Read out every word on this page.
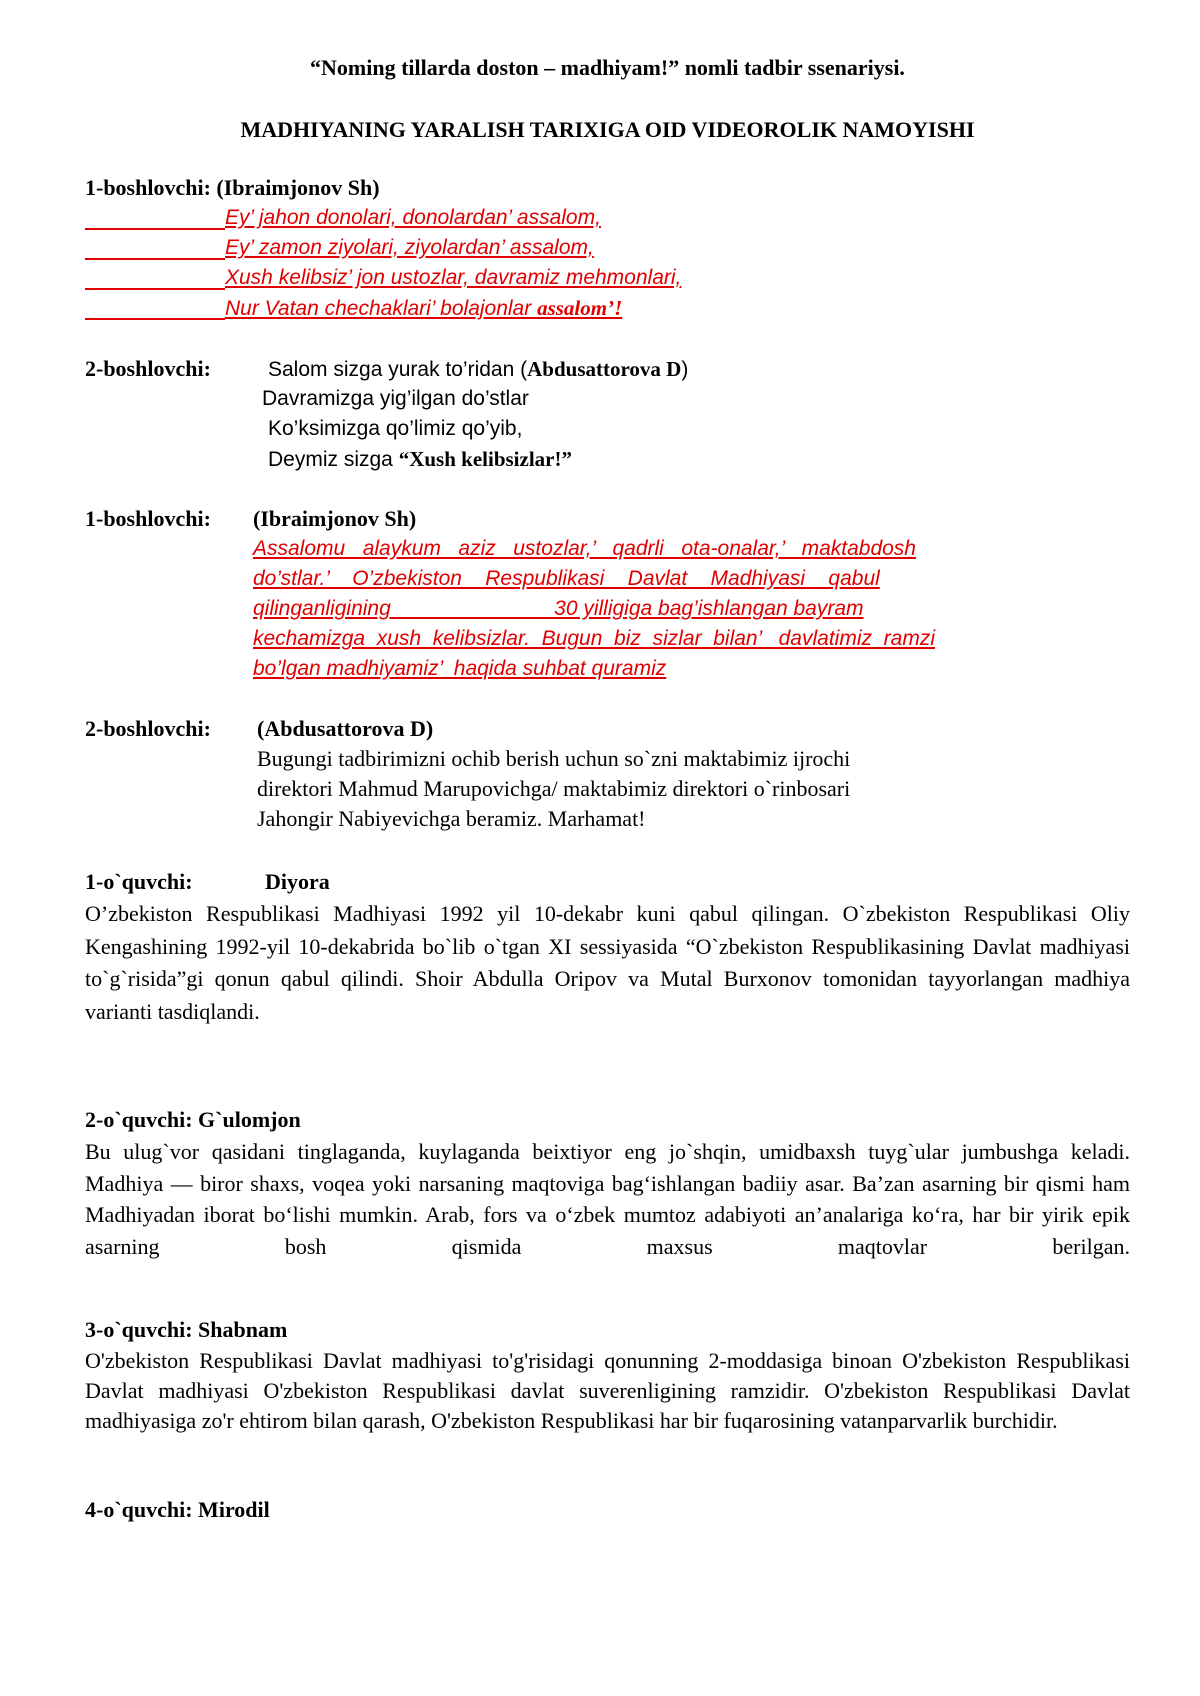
“Noming tillarda doston – madhiyam!” nomli tadbir ssenariysi.
MADHIYANING YARALISH TARIXIGA OID VIDEOROLIK NAMOYISHI
1-boshlovchi: (Ibraimjonov Sh)
Ey’ jahon donolari, donolardan’ assalom,
Ey’ zamon ziyolari, ziyolardan’ assalom,
Xush kelibsiz’ jon ustozlar, davramiz mehmonlari,
Nur Vatan chechaklari’ bolajonlar assalom’!
2-boshlovchi:	Salom sizga yurak to’ridan (Abdusattorova D)
Davramizga yig’ilgan do’stlar
Ko’ksimizga qo’limiz qo’yib,
Deymiz sizga “Xush kelibsizlar!”
1-boshlovchi: (Ibraimjonov Sh)
Assalomu   alaykum   aziz   ustozlar,’   qadrli   ota-onalar,’   maktabdosh
do’stlar.’    O’zbekiston    Respublikasi    Davlat    Madhiyasi    qabul
qilinganligining                            30 yilligiga bag’ishlangan bayram
kechamizga  xush  kelibsizlar.  Bugun  biz  sizlar  bilan’   davlatimiz  ramzi
bo’lgan madhiyamiz’  haqida suhbat quramiz
2-boshlovchi: (Abdusattorova D)
Bugungi tadbirimizni ochib berish uchun so`zni maktabimiz ijrochi
direktori Mahmud Marupovichga/ maktabimiz direktori o`rinbosari
Jahongir Nabiyevichga beramiz. Marhamat!
1-o`quvchi:	Diyora
O’zbekiston Respublikasi Madhiyasi 1992 yil 10-dekabr kuni qabul qilingan. O`zbekiston Respublikasi Oliy Kengashining 1992-yil 10-dekabrida bo`lib o`tgan XI sessiyasida “O`zbekiston Respublikasining Davlat madhiyasi to`g`risida”gi qonun qabul qilindi. Shoir Abdulla Oripov va Mutal Burxonov tomonidan tayyorlangan madhiya varianti tasdiqlandi.
2-o`quvchi: G`ulomjon
Bu ulug`vor qasidani tinglaganda, kuylaganda beixtiyor eng jo`shqin, umidbaxsh tuyg`ular jumbushga keladi. Madhiya — biror shaxs, voqea yoki narsaning maqtoviga bag‘ishlangan badiiy asar. Ba’zan asarning bir qismi ham Madhiyadan iborat bo‘lishi mumkin. Arab, fors va o‘zbek mumtoz adabiyoti an’analariga ko‘ra, har bir yirik epik asarning bosh qismida maxsus maqtovlar berilgan.
3-o`quvchi: Shabnam
O'zbekiston Respublikasi Davlat madhiyasi to'g'risidagi qonunning 2-moddasiga binoan O'zbekiston Respublikasi Davlat madhiyasi O'zbekiston Respublikasi davlat suverenligining ramzidir. O'zbekiston Respublikasi Davlat madhiyasiga zo'r ehtirom bilan qarash, O'zbekiston Respublikasi har bir fuqarosining vatanparvarlik burchidir.
4-o`quvchi: Mirodil
